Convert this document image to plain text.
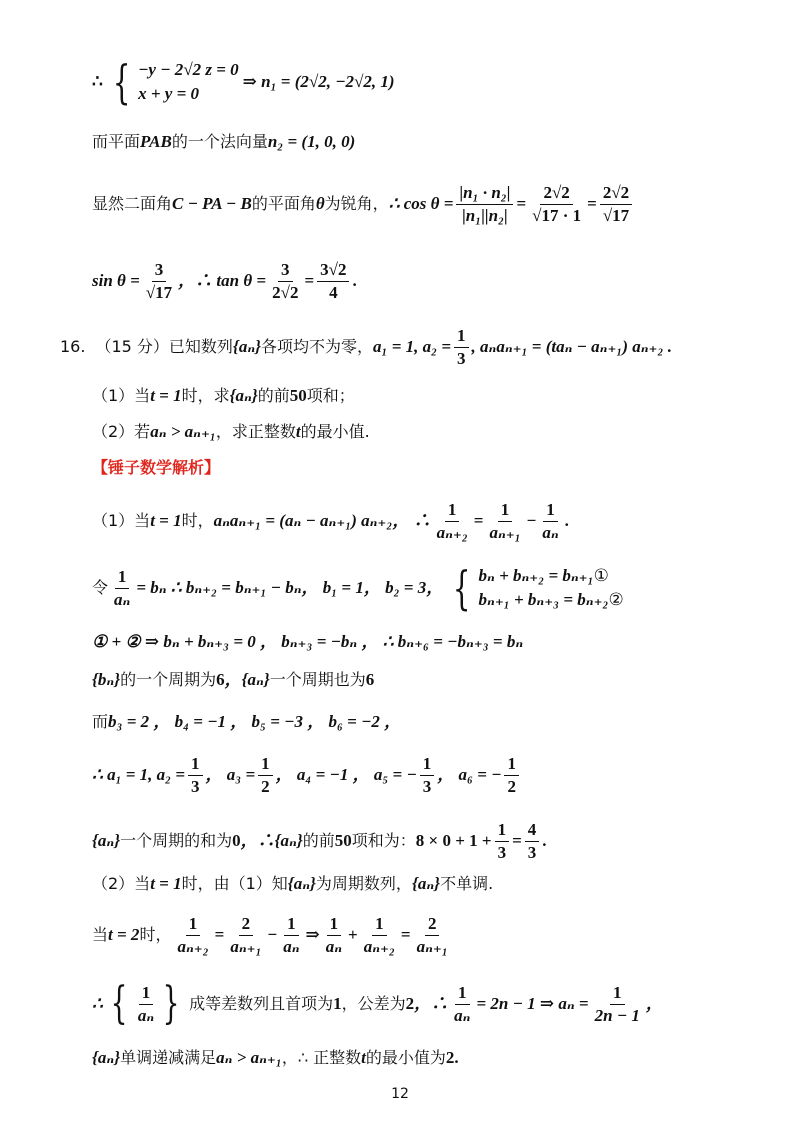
∴ { −y − 2√2 z = 0
x + y = 0
⇒ n₁ = (2√2, −2√2, 1)
而平面 PAB 的一个法向量 n₂ = (1, 0, 0)
显然二面角 C − PA − B 的平面角 θ 为锐角， ∴ $\cos \theta = \frac{\text{|n₁ · n₂|}}{\text{|n₁||n₂|}} = \frac{2√2}{√17 \cdot 1} = \frac{2√2}{√17}$
$\sin \theta = \frac{3}{√17}$ ，∴ $\tan \theta = \frac{3}{2√2} = \frac{3√2}{4}$ .
16. （15 分）已知数列 {aₙ} 各项均不为零， a₁ = 1, $a_2 = \frac{1}{3}$ , aₙaₙ₊₁ = (taₙ − aₙ₊₁) aₙ₊₂ .
（1）当 t = 1 时，求 {aₙ} 的前 50 项和；
（2）若 aₙ > aₙ₊₁ ，求正整数 t 的最小值.
【锤子数学解析】
（1）当 t = 1 时， aₙaₙ₊₁ = (aₙ − aₙ₊₁) aₙ₊₂ ， ∴ $\frac{1}{\text{aₙ₊₂}} = \frac{1}{\text{aₙ₊₁}} - \frac{1}{\text{aₙ}}$ .
令 $\frac{1}{\text{aₙ}} = b_n$ ∴ bₙ₊₂ = bₙ₊₁ − bₙ ， b₁ = 1 ， b₂ = 3 ， { bₙ + bₙ₊₂ = bₙ₊₁①
bₙ₊₁ + bₙ₊₃ = bₙ₊₂②
① + ② ⇒ bₙ + bₙ₊₃ = 0 ， bₙ₊₃ = −bₙ ， ∴ bₙ₊₆ = −bₙ₊₃ = bₙ
{bₙ} 的一个周期为 6 ， {aₙ} 一个周期也为 6
而 b₃ = 2 ， b₄ = −1 ， b₅ = −3 ， b₆ = −2 ，
∴ a₁ = 1, $a_2 = \frac{1}{3}$ ， $a_3 = \frac{1}{2}$ ， a₄ = −1 ， a₅ = − $\frac{1}{3}$ ， a₆ = − $\frac{1}{2}$
{aₙ} 一个周期的和为 0 ，∴ {aₙ} 的前 50 项和为： $8 \times 0 + 1 + \frac{1}{3} = \frac{4}{3}$ .
（2）当 t = 1 时，由（1）知 {aₙ} 为周期数列， {aₙ} 不单调.
当 t = 2 时， $\frac{1}{\text{aₙ₊₂}} = \frac{2}{\text{aₙ₊₁}} - \frac{1}{\text{aₙ}}$ ⇒ $\frac{1}{\text{aₙ}} + \frac{1}{\text{aₙ₊₂}} = \frac{2}{\text{aₙ₊₁}}$
∴ { $\frac{1}{\text{aₙ}}$ } 成等差数列且首项为 1 ，公差为 2 ，∴ $\frac{1}{\text{aₙ}} = 2n - 1$ ⇒ $a_n = \frac{1}{2n - 1}$ ，
{aₙ} 单调递减满足 aₙ > aₙ₊₁ ，∴ 正整数 t 的最小值为 2 .
12
